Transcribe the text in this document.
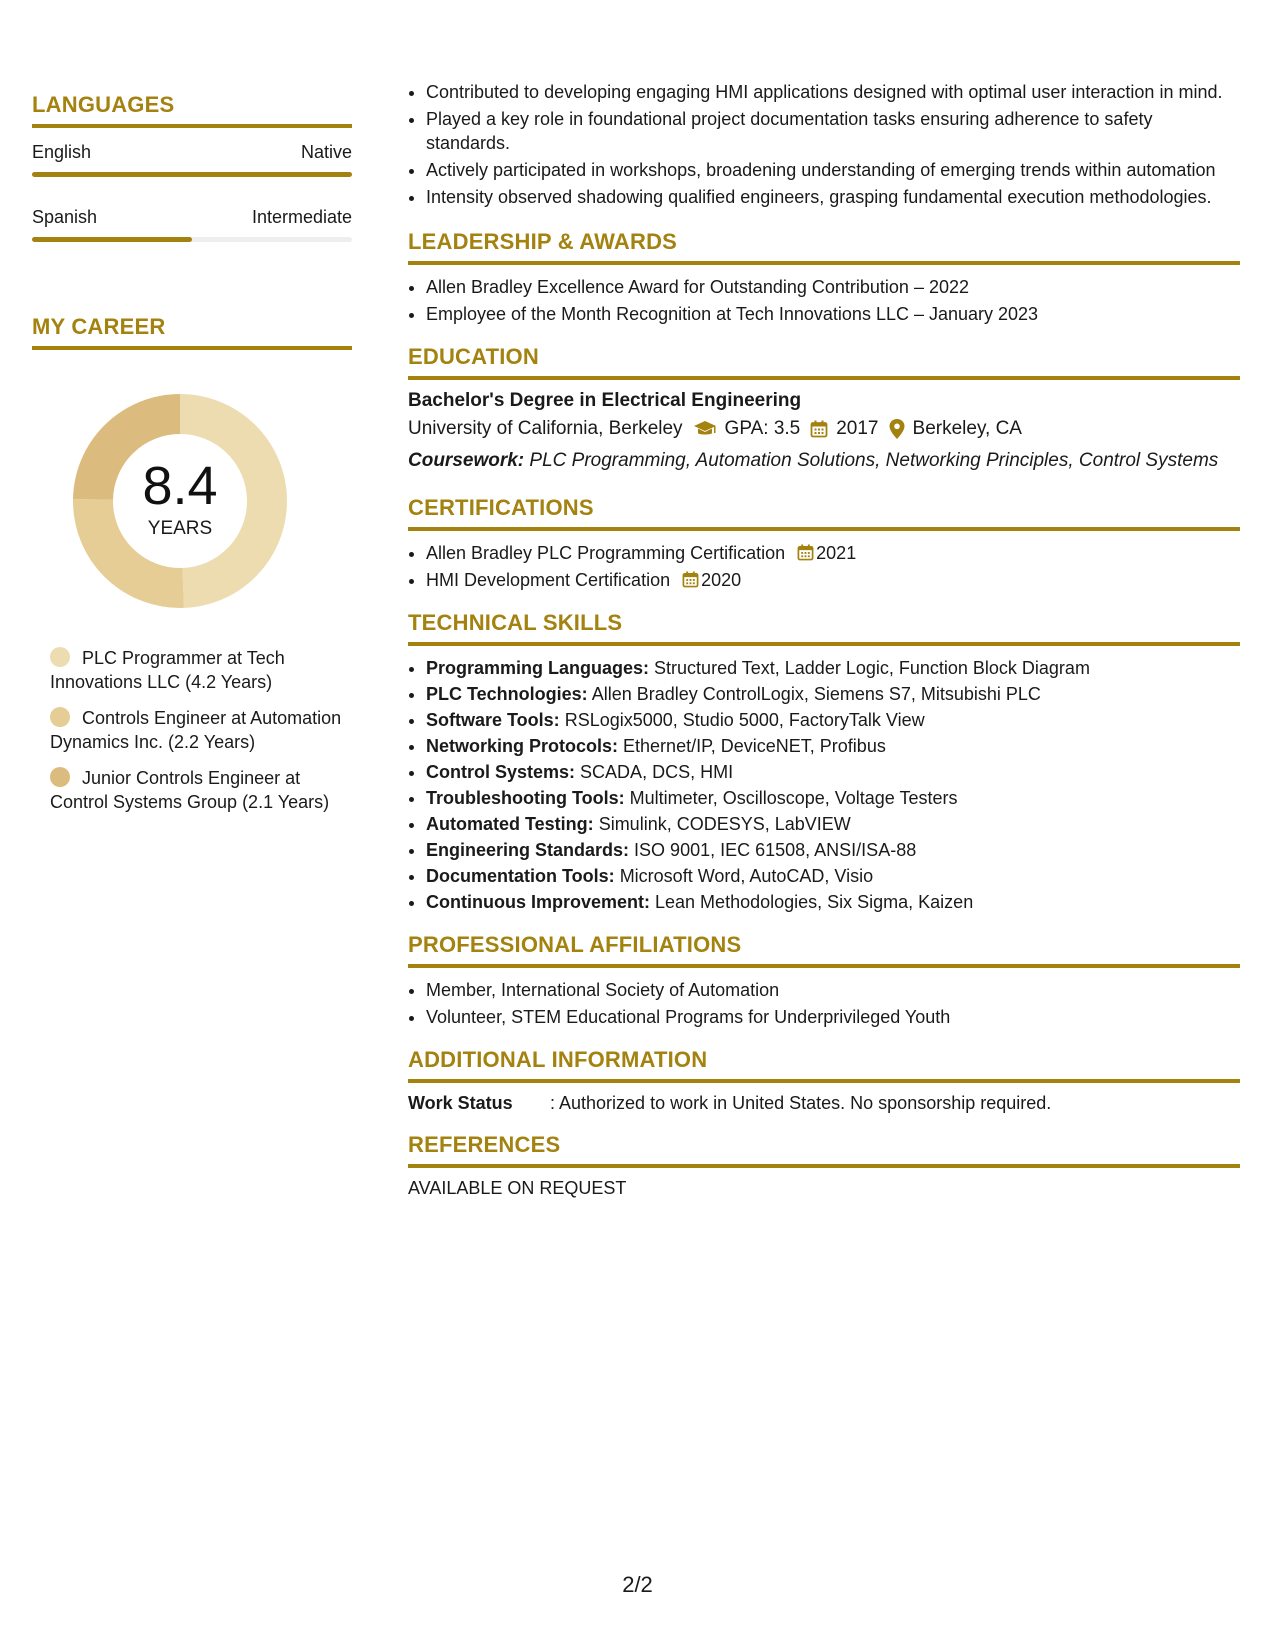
LANGUAGES
English	Native
Spanish	Intermediate
MY CAREER
8.4
YEARS
PLC Programmer at Tech Innovations LLC (4.2 Years)
Controls Engineer at Automation Dynamics Inc. (2.2 Years)
Junior Controls Engineer at Control Systems Group (2.1 Years)
• Contributed to developing engaging HMI applications designed with optimal user interaction in mind.
• Played a key role in foundational project documentation tasks ensuring adherence to safety standards.
• Actively participated in workshops, broadening understanding of emerging trends within automation
• Intensity observed shadowing qualified engineers, grasping fundamental execution methodologies.
LEADERSHIP & AWARDS
• Allen Bradley Excellence Award for Outstanding Contribution – 2022
• Employee of the Month Recognition at Tech Innovations LLC – January 2023
EDUCATION
Bachelor's Degree in Electrical Engineering
University of California, Berkeley GPA: 3.5 2017 Berkeley, CA
Coursework: PLC Programming, Automation Solutions, Networking Principles, Control Systems
CERTIFICATIONS
• Allen Bradley PLC Programming Certification 2021
• HMI Development Certification 2020
TECHNICAL SKILLS
• Programming Languages: Structured Text, Ladder Logic, Function Block Diagram
• PLC Technologies: Allen Bradley ControlLogix, Siemens S7, Mitsubishi PLC
• Software Tools: RSLogix5000, Studio 5000, FactoryTalk View
• Networking Protocols: Ethernet/IP, DeviceNET, Profibus
• Control Systems: SCADA, DCS, HMI
• Troubleshooting Tools: Multimeter, Oscilloscope, Voltage Testers
• Automated Testing: Simulink, CODESYS, LabVIEW
• Engineering Standards: ISO 9001, IEC 61508, ANSI/ISA-88
• Documentation Tools: Microsoft Word, AutoCAD, Visio
• Continuous Improvement: Lean Methodologies, Six Sigma, Kaizen
PROFESSIONAL AFFILIATIONS
• Member, International Society of Automation
• Volunteer, STEM Educational Programs for Underprivileged Youth
ADDITIONAL INFORMATION
Work Status	: Authorized to work in United States. No sponsorship required.
REFERENCES
AVAILABLE ON REQUEST
2/2
